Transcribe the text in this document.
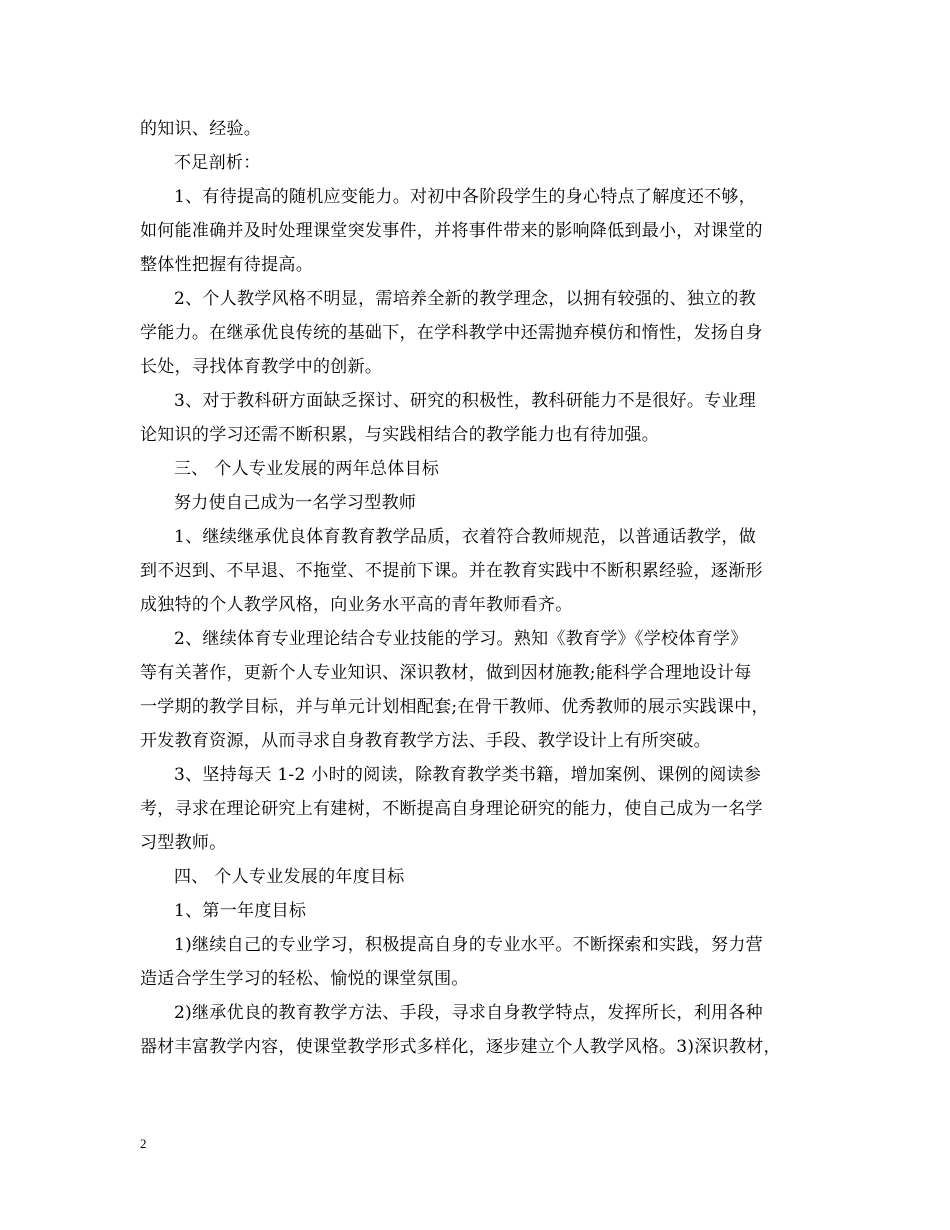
的知识、经验。
不足剖析：
1、有待提高的随机应变能力。对初中各阶段学生的身心特点了解度还不够，
如何能准确并及时处理课堂突发事件，并将事件带来的影响降低到最小，对课堂的
整体性把握有待提高。
2、个人教学风格不明显，需培养全新的教学理念，以拥有较强的、独立的教
学能力。在继承优良传统的基础下，在学科教学中还需抛弃模仿和惰性，发扬自身
长处，寻找体育教学中的创新。
3、对于教科研方面缺乏探讨、研究的积极性，教科研能力不是很好。专业理
论知识的学习还需不断积累，与实践相结合的教学能力也有待加强。
三、 个人专业发展的两年总体目标
努力使自己成为一名学习型教师
1、继续继承优良体育教育教学品质，衣着符合教师规范，以普通话教学，做
到不迟到、不早退、不拖堂、不提前下课。并在教育实践中不断积累经验，逐渐形
成独特的个人教学风格，向业务水平高的青年教师看齐。
2、继续体育专业理论结合专业技能的学习。熟知《教育学》《学校体育学》
等有关著作，更新个人专业知识、深识教材，做到因材施教;能科学合理地设计每
一学期的教学目标，并与单元计划相配套;在骨干教师、优秀教师的展示实践课中，
开发教育资源，从而寻求自身教育教学方法、手段、教学设计上有所突破。
3、坚持每天 1-2 小时的阅读，除教育教学类书籍，增加案例、课例的阅读参
考，寻求在理论研究上有建树，不断提高自身理论研究的能力，使自己成为一名学
习型教师。
四、 个人专业发展的年度目标
1、第一年度目标
1)继续自己的专业学习，积极提高自身的专业水平。不断探索和实践，努力营
造适合学生学习的轻松、愉悦的课堂氛围。
2)继承优良的教育教学方法、手段，寻求自身教学特点，发挥所长，利用各种
器材丰富教学内容，使课堂教学形式多样化，逐步建立个人教学风格。3)深识教材，
2
